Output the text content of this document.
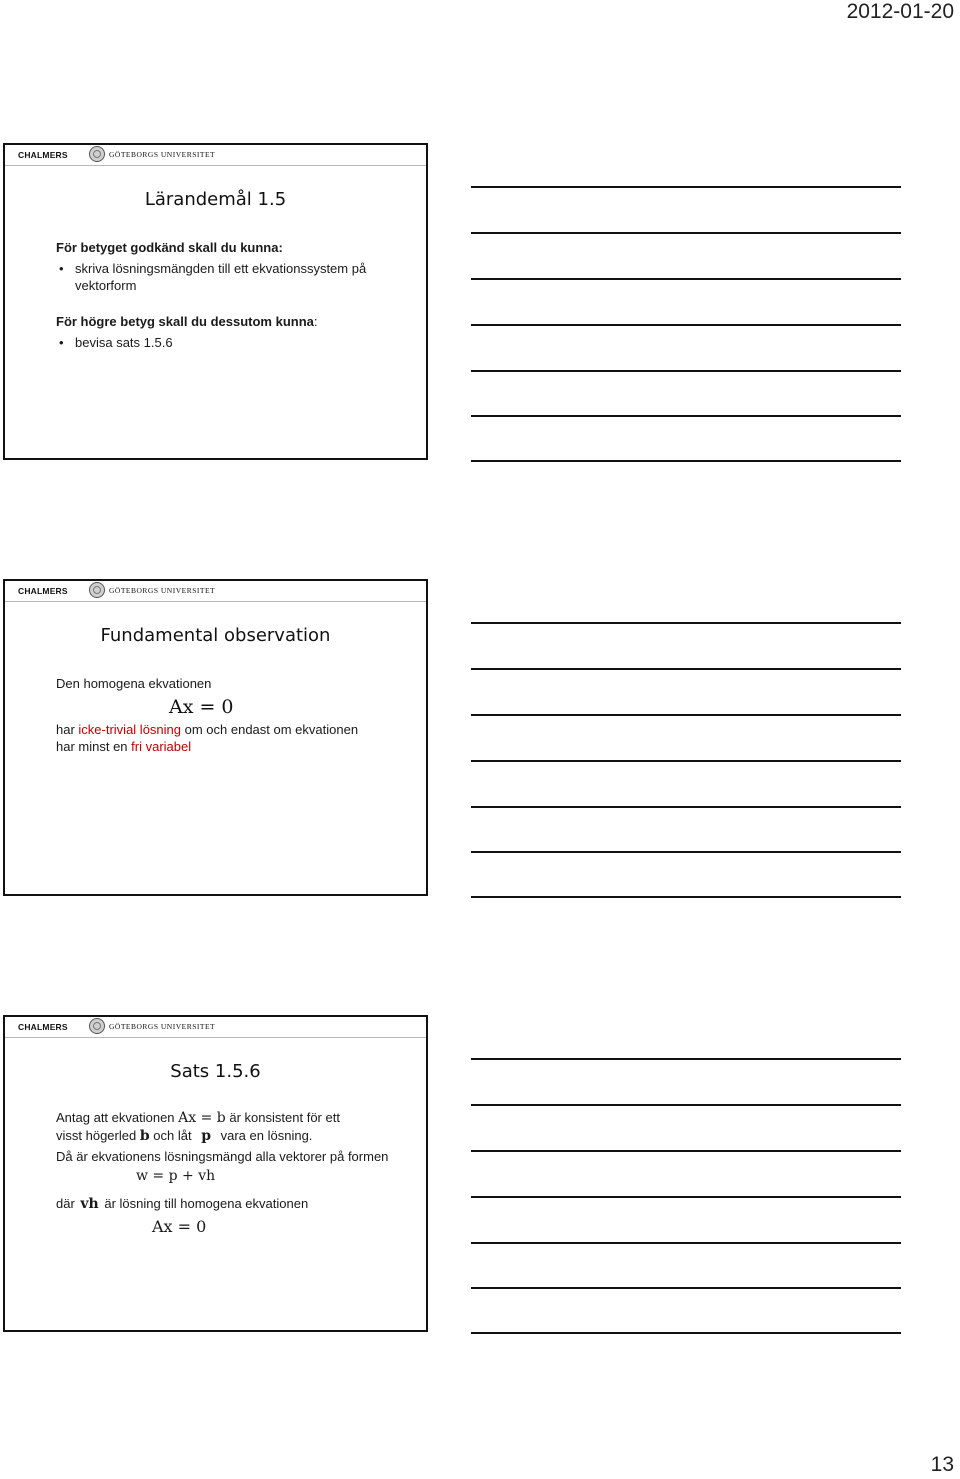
2012-01-20
CHALMERS	GÖTEBORGS UNIVERSITET
Lärandemål 1.5
För betyget godkänd skall du kunna:
• skriva lösningsmängden till ett ekvationssystem på vektorform
För högre betyg skall du dessutom kunna:
• bevisa sats 1.5.6
CHALMERS	GÖTEBORGS UNIVERSITET
Fundamental observation
Den homogena ekvationen
Ax = 0
har icke-trivial lösning om och endast om ekvationen
har minst en fri variabel
CHALMERS	GÖTEBORGS UNIVERSITET
Sats 1.5.6
Antag att ekvationen Ax = b är konsistent för ett
visst högerled b och låt p vara en lösning.
Då är ekvationens lösningsmängd alla vektorer på formen
w = p + vh
där vh är lösning till homogena ekvationen
Ax = 0
13
